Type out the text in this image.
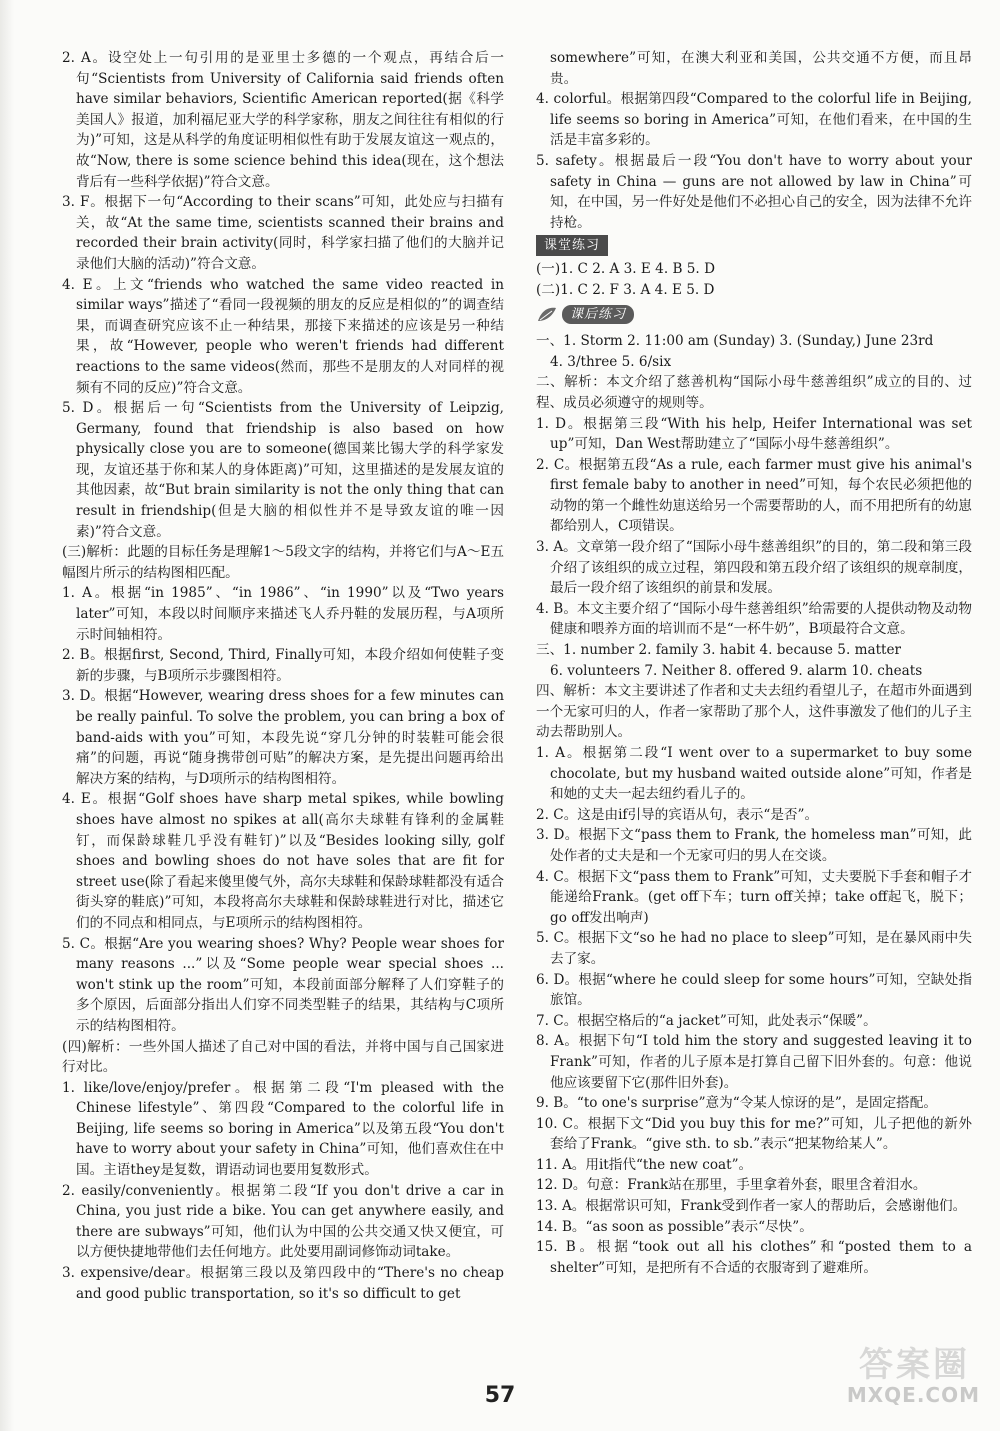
2. A。设空处上一句引用的是亚里士多德的一个观点，再结合后一句“Scientists from University of California said friends often have similar behaviors, Scientific American reported(据《科学美国人》报道，加利福尼亚大学的科学家称，朋友之间往往有相似的行为)”可知，这是从科学的角度证明相似性有助于发展友谊这一观点的，故“Now, there is some science behind this idea(现在，这个想法背后有一些科学依据)”符合文意。

3. F。根据下一句“According to their scans”可知，此处应与扫描有关，故“At the same time, scientists scanned their brains and recorded their brain activity(同时，科学家扫描了他们的大脑并记录他们大脑的活动)”符合文意。

4. E。上文“friends who watched the same video reacted in similar ways”描述了“看同一段视频的朋友的反应是相似的”的调查结果，而调查研究应该不止一种结果，那接下来描述的应该是另一种结果，故“However, people who weren't friends had different reactions to the same videos(然而，那些不是朋友的人对同样的视频有不同的反应)”符合文意。

5. D。根据后一句“Scientists from the University of Leipzig, Germany, found that friendship is also based on how physically close you are to someone(德国莱比锡大学的科学家发现，友谊还基于你和某人的身体距离)”可知，这里描述的是发展友谊的其他因素，故“But brain similarity is not the only thing that can result in friendship(但是大脑的相似性并不是导致友谊的唯一因素)”符合文意。

(三)解析：此题的目标任务是理解1～5段文字的结构，并将它们与A～E五幅图片所示的结构图相匹配。

1. A。根据“in 1985”、“in 1986”、“in 1990”以及“Two years later”可知，本段以时间顺序来描述飞人乔丹鞋的发展历程，与A项所示时间轴相符。

2. B。根据first, Second, Third, Finally可知，本段介绍如何使鞋子变新的步骤，与B项所示步骤图相符。

3. D。根据“However, wearing dress shoes for a few minutes can be really painful. To solve the problem, you can bring a box of band-aids with you”可知，本段先说“穿几分钟的时装鞋可能会很痛”的问题，再说“随身携带创可贴”的解决方案，是先提出问题再给出解决方案的结构，与D项所示的结构图相符。

4. E。根据“Golf shoes have sharp metal spikes, while bowling shoes have almost no spikes at all(高尔夫球鞋有锋利的金属鞋钉，而保龄球鞋几乎没有鞋钉)”以及“Besides looking silly, golf shoes and bowling shoes do not have soles that are fit for street use(除了看起来傻里傻气外，高尔夫球鞋和保龄球鞋都没有适合街头穿的鞋底)”可知，本段将高尔夫球鞋和保龄球鞋进行对比，描述它们的不同点和相同点，与E项所示的结构图相符。

5. C。根据“Are you wearing shoes? Why? People wear shoes for many reasons ...”以及“Some people wear special shoes ... won't stink up the room”可知，本段前面部分解释了人们穿鞋子的多个原因，后面部分指出人们穿不同类型鞋子的结果，其结构与C项所示的结构图相符。

(四)解析：一些外国人描述了自己对中国的看法，并将中国与自己国家进行对比。

1. like/love/enjoy/prefer。根据第二段“I'm pleased with the Chinese lifestyle”、第四段“Compared to the colorful life in Beijing, life seems so boring in America”以及第五段“You don't have to worry about your safety in China”可知，他们喜欢住在中国。主语they是复数，谓语动词也要用复数形式。

2. easily/conveniently。根据第二段“If you don't drive a car in China, you just ride a bike. You can get anywhere easily, and there are subways”可知，他们认为中国的公共交通又快又便宜，可以方便快捷地带他们去任何地方。此处要用副词修饰动词take。

3. expensive/dear。根据第三段以及第四段中的“There's no cheap and good public transportation, so it's so difficult to get

somewhere”可知，在澳大利亚和美国，公共交通不方便，而且昂贵。

4. colorful。根据第四段“Compared to the colorful life in Beijing, life seems so boring in America”可知，在他们看来，在中国的生活是丰富多彩的。

5. safety。根据最后一段“You don't have to worry about your safety in China — guns are not allowed by law in China”可知，在中国，另一件好处是他们不必担心自己的安全，因为法律不允许持枪。

课堂练习

(一)1. C 2. A 3. E 4. B 5. D

(二)1. C 2. F 3. A 4. E 5. D

课后练习

一、1. Storm 2. 11:00 am (Sunday) 3. (Sunday,) June 23rd

4. 3/three 5. 6/six

二、解析：本文介绍了慈善机构“国际小母牛慈善组织”成立的目的、过程、成员必须遵守的规则等。

1. D。根据第三段“With his help, Heifer International was set up”可知，Dan West帮助建立了“国际小母牛慈善组织”。

2. C。根据第五段“As a rule, each farmer must give his animal's first female baby to another in need”可知，每个农民必须把他的动物的第一个雌性幼崽送给另一个需要帮助的人，而不用把所有的幼崽都给别人，C项错误。

3. A。文章第一段介绍了“国际小母牛慈善组织”的目的，第二段和第三段介绍了该组织的成立过程，第四段和第五段介绍了该组织的规章制度，最后一段介绍了该组织的前景和发展。

4. B。本文主要介绍了“国际小母牛慈善组织”给需要的人提供动物及动物健康和喂养方面的培训而不是“一杯牛奶”，B项最符合文意。

三、1. number 2. family 3. habit 4. because 5. matter

6. volunteers 7. Neither 8. offered 9. alarm 10. cheats

四、解析：本文主要讲述了作者和丈夫去纽约看望儿子，在超市外面遇到一个无家可归的人，作者一家帮助了那个人，这件事激发了他们的儿子主动去帮助别人。

1. A。根据第二段“I went over to a supermarket to buy some chocolate, but my husband waited outside alone”可知，作者是和她的丈夫一起去纽约看儿子的。

2. C。这是由if引导的宾语从句，表示“是否”。

3. D。根据下文“pass them to Frank, the homeless man”可知，此处作者的丈夫是和一个无家可归的男人在交谈。

4. C。根据下文“pass them to Frank”可知，丈夫要脱下手套和帽子才能递给Frank。(get off下车；turn off关掉；take off起飞，脱下；go off发出响声)

5. C。根据下文“so he had no place to sleep”可知，是在暴风雨中失去了家。

6. D。根据“where he could sleep for some hours”可知，空缺处指旅馆。

7. C。根据空格后的“a jacket”可知，此处表示“保暖”。

8. A。根据下句“I told him the story and suggested leaving it to Frank”可知，作者的儿子原本是打算自己留下旧外套的。句意：他说他应该要留下它(那件旧外套)。

9. B。“to one's surprise”意为“令某人惊讶的是”，是固定搭配。

10. C。根据下文“Did you buy this for me?”可知，儿子把他的新外套给了Frank。“give sth. to sb.”表示“把某物给某人”。

11. A。用it指代“the new coat”。

12. D。句意：Frank站在那里，手里拿着外套，眼里含着泪水。

13. A。根据常识可知，Frank受到作者一家人的帮助后，会感谢他们。

14. B。“as soon as possible”表示“尽快”。

15. B。根据“took out all his clothes”和“posted them to a shelter”可知，是把所有不合适的衣服寄到了避难所。

57
答案圈
MXQE.COM
